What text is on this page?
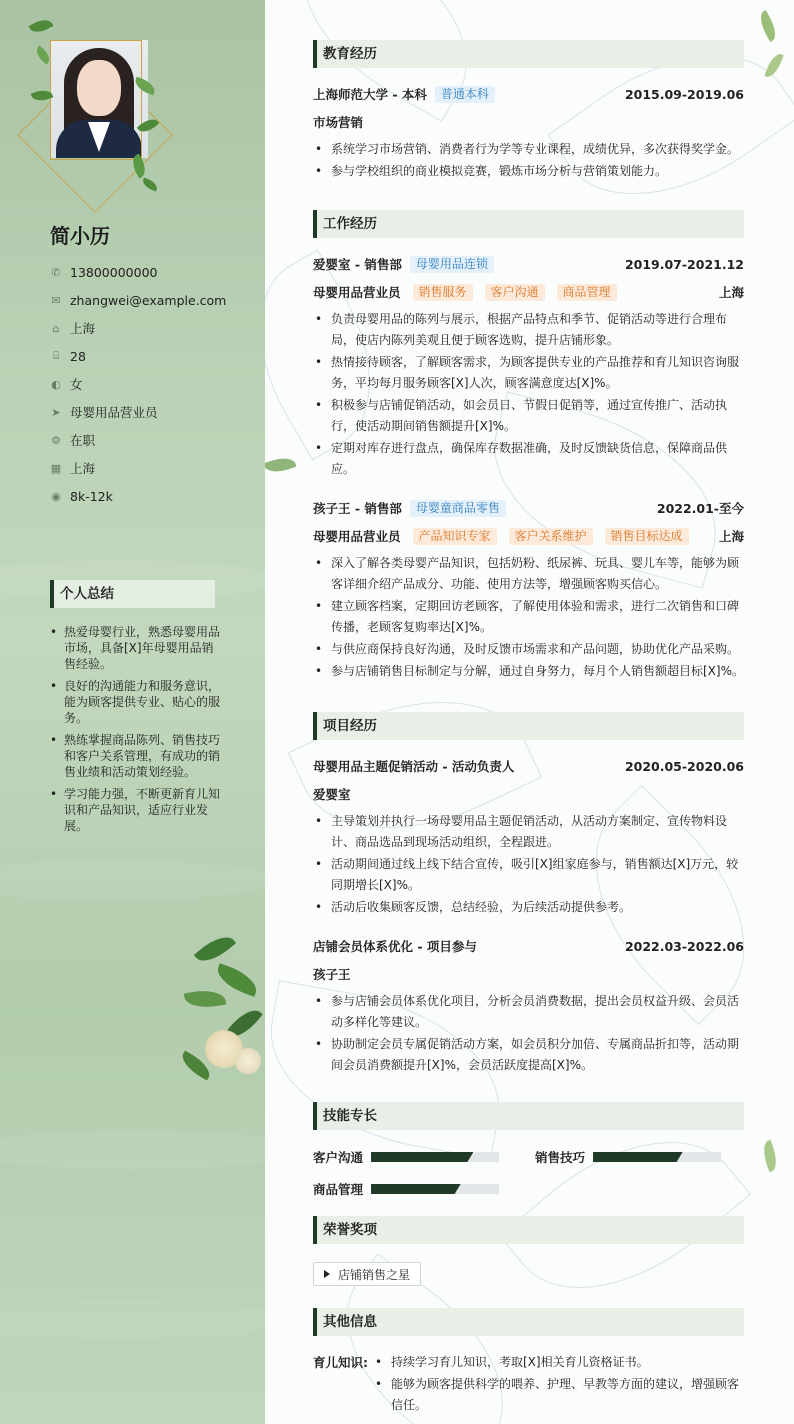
简小历
✆ 13800000000
✉ zhangwei@example.com
⌂ 上海
⌸ 28
◐ 女
➤ 母婴用品营业员
⚙ 在职
▦ 上海
◉ 8k-12k
个人总结
• 热爱母婴行业，熟悉母婴用品市场，具备[X]年母婴用品销售经验。
• 良好的沟通能力和服务意识，能为顾客提供专业、贴心的服务。
• 熟练掌握商品陈列、销售技巧和客户关系管理，有成功的销售业绩和活动策划经验。
• 学习能力强，不断更新育儿知识和产品知识，适应行业发展。
教育经历
上海师范大学 - 本科	普通本科	2015.09-2019.06
市场营销
• 系统学习市场营销、消费者行为学等专业课程，成绩优异，多次获得奖学金。
• 参与学校组织的商业模拟竞赛，锻炼市场分析与营销策划能力。
工作经历
爱婴室 - 销售部	母婴用品连锁	2019.07-2021.12
母婴用品营业员	销售服务	客户沟通	商品管理	上海
• 负责母婴用品的陈列与展示，根据产品特点和季节、促销活动等进行合理布局，使店内陈列美观且便于顾客选购，提升店铺形象。
• 热情接待顾客，了解顾客需求，为顾客提供专业的产品推荐和育儿知识咨询服务，平均每月服务顾客[X]人次，顾客满意度达[X]%。
• 积极参与店铺促销活动，如会员日、节假日促销等，通过宣传推广、活动执行，使活动期间销售额提升[X]%。
• 定期对库存进行盘点，确保库存数据准确，及时反馈缺货信息，保障商品供应。
孩子王 - 销售部	母婴童商品零售	2022.01-至今
母婴用品营业员	产品知识专家	客户关系维护	销售目标达成	上海
• 深入了解各类母婴产品知识，包括奶粉、纸尿裤、玩具、婴儿车等，能够为顾客详细介绍产品成分、功能、使用方法等，增强顾客购买信心。
• 建立顾客档案，定期回访老顾客，了解使用体验和需求，进行二次销售和口碑传播，老顾客复购率达[X]%。
• 与供应商保持良好沟通，及时反馈市场需求和产品问题，协助优化产品采购。
• 参与店铺销售目标制定与分解，通过自身努力，每月个人销售额超目标[X]%。
项目经历
母婴用品主题促销活动 - 活动负责人	2020.05-2020.06
爱婴室
• 主导策划并执行一场母婴用品主题促销活动，从活动方案制定、宣传物料设计、商品选品到现场活动组织，全程跟进。
• 活动期间通过线上线下结合宣传，吸引[X]组家庭参与，销售额达[X]万元，较同期增长[X]%。
• 活动后收集顾客反馈，总结经验，为后续活动提供参考。
店铺会员体系优化 - 项目参与	2022.03-2022.06
孩子王
• 参与店铺会员体系优化项目，分析会员消费数据，提出会员权益升级、会员活动多样化等建议。
• 协助制定会员专属促销活动方案，如会员积分加倍、专属商品折扣等，活动期间会员消费额提升[X]%，会员活跃度提高[X]%。
技能专长
客户沟通	销售技巧
商品管理
荣誉奖项
店铺销售之星
其他信息
育儿知识:
•	持续学习育儿知识，考取[X]相关育儿资格证书。
• 能够为顾客提供科学的喂养、护理、早教等方面的建议，增强顾客信任。
